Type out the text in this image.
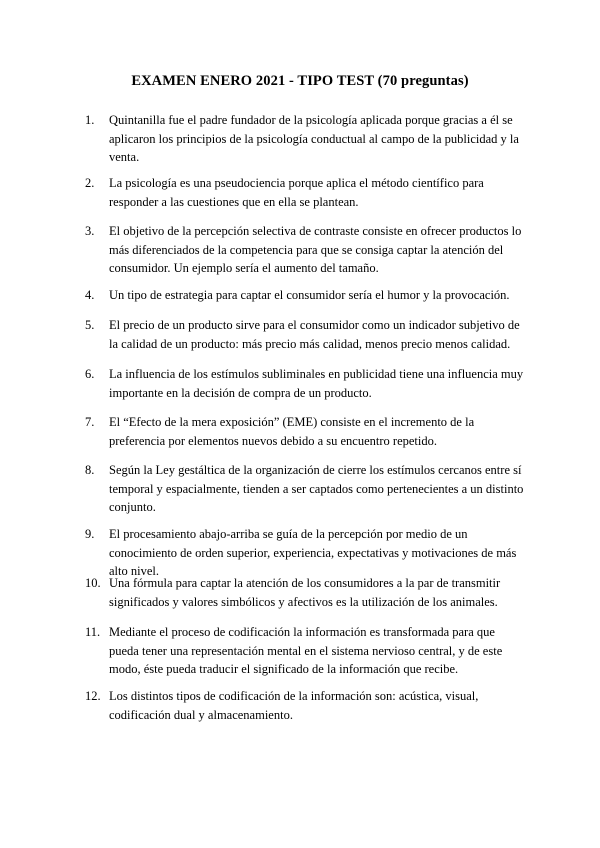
EXAMEN ENERO 2021 - TIPO TEST (70 preguntas)
1.	Quintanilla fue el padre fundador de la psicología aplicada porque gracias a él se aplicaron los principios de la psicología conductual al campo de la publicidad y la venta.
2.	La psicología es una pseudociencia porque aplica el método científico para responder a las cuestiones que en ella se plantean.
3.	El objetivo de la percepción selectiva de contraste consiste en ofrecer productos lo más diferenciados de la competencia para que se consiga captar la atención del consumidor. Un ejemplo sería el aumento del tamaño.
4.	Un tipo de estrategia para captar el consumidor sería el humor y la provocación.
5.	El precio de un producto sirve para el consumidor como un indicador subjetivo de la calidad de un producto: más precio más calidad, menos precio menos calidad.
6.	La influencia de los estímulos subliminales en publicidad tiene una influencia muy importante en la decisión de compra de un producto.
7.	El “Efecto de la mera exposición” (EME) consiste en el incremento de la preferencia por elementos nuevos debido a su encuentro repetido.
8.	Según la Ley gestáltica de la organización de cierre los estímulos cercanos entre sí temporal y espacialmente, tienden a ser captados como pertenecientes a un distinto conjunto.
9.	El procesamiento abajo-arriba se guía de la percepción por medio de un conocimiento de orden superior, experiencia, expectativas y motivaciones de más alto nivel.
10. Una fórmula para captar la atención de los consumidores a la par de transmitir significados y valores simbólicos y afectivos es la utilización de los animales.
11. Mediante el proceso de codificación la información es transformada para que pueda tener una representación mental en el sistema nervioso central, y de este modo, éste pueda traducir el significado de la información que recibe.
12. Los distintos tipos de codificación de la información son: acústica, visual, codificación dual y almacenamiento.
